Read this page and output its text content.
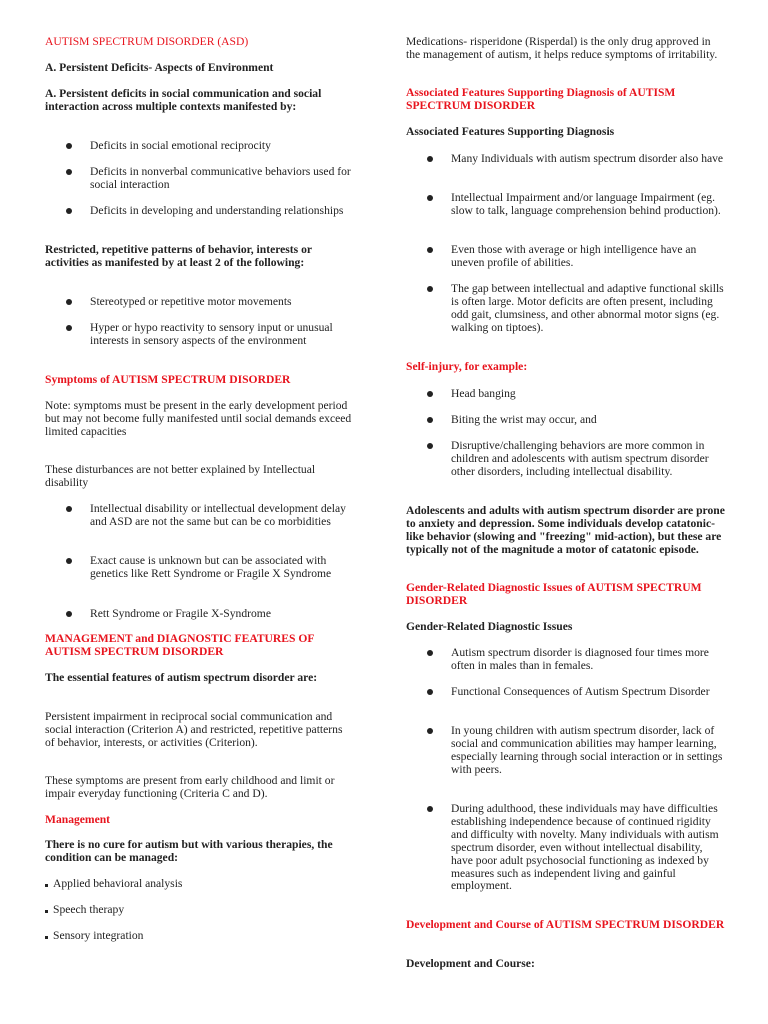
AUTISM SPECTRUM DISORDER (ASD)

A. Persistent Deficits- Aspects of Environment

A. Persistent deficits in social communication and social interaction across multiple contexts manifested by:

Deficits in social emotional reciprocity

Deficits in nonverbal communicative behaviors used for social interaction

Deficits in developing and understanding relationships

Restricted, repetitive patterns of behavior, interests or activities as manifested by at least 2 of the following:

Stereotyped or repetitive motor movements

Hyper or hypo reactivity to sensory input or unusual interests in sensory aspects of the environment

Symptoms of AUTISM SPECTRUM DISORDER

Note: symptoms must be present in the early development period but may not become fully manifested until social demands exceed limited capacities

These disturbances are not better explained by Intellectual disability

Intellectual disability or intellectual development delay and ASD are not the same but can be co morbidities

Exact cause is unknown but can be associated with genetics like Rett Syndrome or Fragile X Syndrome

Rett Syndrome or Fragile X-Syndrome

MANAGEMENT and DIAGNOSTIC FEATURES OF AUTISM SPECTRUM DISORDER

The essential features of autism spectrum disorder are:

Persistent impairment in reciprocal social communication and social interaction (Criterion A) and restricted, repetitive patterns of behavior, interests, or activities (Criterion).

These symptoms are present from early childhood and limit or impair everyday functioning (Criteria C and D).

Management

There is no cure for autism but with various therapies, the condition can be managed:

Applied behavioral analysis

Speech therapy

Sensory integration

Medications- risperidone (Risperdal) is the only drug approved in the management of autism, it helps reduce symptoms of irritability.

Associated Features Supporting Diagnosis of AUTISM SPECTRUM DISORDER

Associated Features Supporting Diagnosis

Many Individuals with autism spectrum disorder also have

Intellectual Impairment and/or language Impairment (eg. slow to talk, language comprehension behind production).

Even those with average or high intelligence have an uneven profile of abilities.

The gap between intellectual and adaptive functional skills is often large. Motor deficits are often present, including odd gait, clumsiness, and other abnormal motor signs (eg. walking on tiptoes).

Self-injury, for example:

Head banging

Biting the wrist may occur, and

Disruptive/challenging behaviors are more common in children and adolescents with autism spectrum disorder other disorders, including intellectual disability.

Adolescents and adults with autism spectrum disorder are prone to anxiety and depression. Some individuals develop catatonic-like behavior (slowing and "freezing" mid-action), but these are typically not of the magnitude a motor of catatonic episode.

Gender-Related Diagnostic Issues of AUTISM SPECTRUM DISORDER

Gender-Related Diagnostic Issues

Autism spectrum disorder is diagnosed four times more often in males than in females.

Functional Consequences of Autism Spectrum Disorder

In young children with autism spectrum disorder, lack of social and communication abilities may hamper learning, especially learning through social interaction or in settings with peers.

During adulthood, these individuals may have difficulties establishing independence because of continued rigidity and difficulty with novelty. Many individuals with autism spectrum disorder, even without intellectual disability, have poor adult psychosocial functioning as indexed by measures such as independent living and gainful employment.

Development and Course of AUTISM SPECTRUM DISORDER

Development and Course:
